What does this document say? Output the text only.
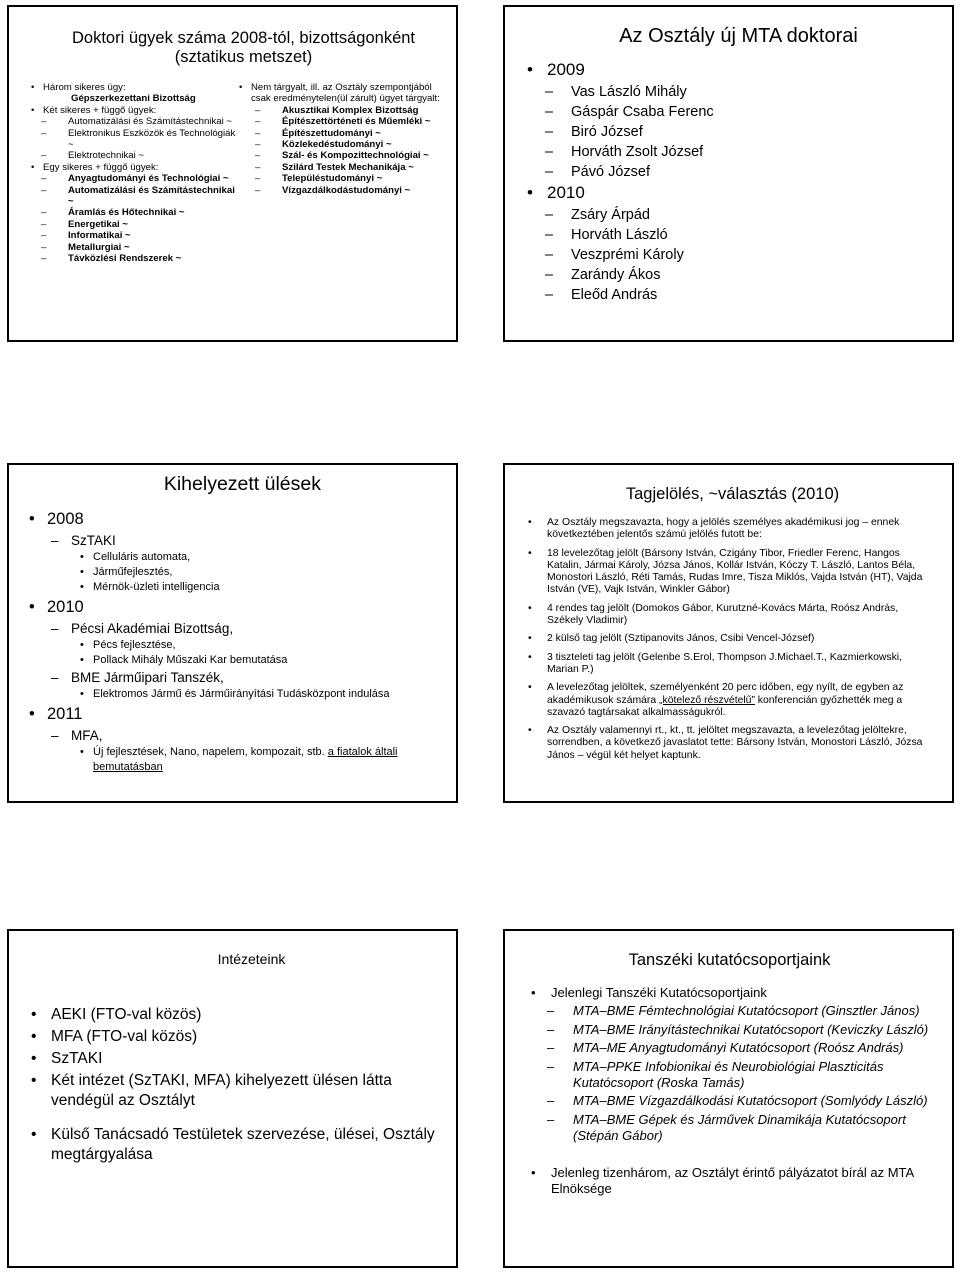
Doktori ügyek száma 2008-tól, bizottságonként
(sztatikus metszet)
• Három sikeres ügy:
Gépszerkezettani Bizottság
• Két sikeres + függő ügyek:
– Automatizálási és Számítástechnikai ~
– Elektronikus Eszközök és Technológiák ~
– Elektrotechnikai ~
• Egy sikeres + függő ügyek:
– Anyagtudományi és Technológiai ~
– Automatizálási és Számítástechnikai ~
– Áramlás és Hőtechnikai ~
– Energetikai ~
– Informatikai ~
– Metallurgiai ~
– Távközlési Rendszerek ~
• Nem tárgyalt, ill. az Osztály szempontjából csak eredménytelen(ül zárult) ügyet tárgyalt:
– Akusztikai Komplex Bizottság
– Építészettörténeti és Műemléki ~
– Építészettudományi ~
– Közlekedéstudományi ~
– Szál- és Kompozittechnológiai ~
– Szilárd Testek Mechanikája ~
– Településtudományi ~
– Vízgazdálkodástudományi ~
Az Osztály új MTA doktorai
• 2009
– Vas László Mihály
– Gáspár Csaba Ferenc
– Biró József
– Horváth Zsolt József
– Pávó József
• 2010
– Zsáry Árpád
– Horváth László
– Veszprémi Károly
– Zarándy Ákos
– Eleőd András
Kihelyezett ülések
• 2008
– SzTAKI
• Celluláris automata,
• Járműfejlesztés,
• Mérnök-üzleti intelligencia
• 2010
– Pécsi Akadémiai Bizottság,
• Pécs fejlesztése,
• Pollack Mihály Műszaki Kar bemutatása
– BME Járműipari Tanszék,
• Elektromos Jármű és Járműirányítási Tudásközpont indulása
• 2011
– MFA,
• Új fejlesztések, Nano, napelem, kompozait, stb. a fiatalok általi bemutatásban
Tagjelölés, ~választás (2010)
• Az Osztály megszavazta, hogy a jelölés személyes akadémikusi jog – ennek következtében jelentős számú jelölés futott be:
• 18 levelezőtag jelölt (Bársony István, Czigány Tibor, Friedler Ferenc, Hangos Katalin, Jármai Károly, Józsa János, Kollár István, Kóczy T. László, Lantos Béla, Monostori László, Réti Tamás, Rudas Imre, Tisza Miklós, Vajda István (HT), Vajda István (VE), Vajk István, Winkler Gábor)
• 4 rendes tag jelölt (Domokos Gábor, Kurutzné-Kovács Márta, Roósz András, Székely Vladimir)
• 2 külső tag jelölt (Sztipanovits János, Csibi Vencel-József)
• 3 tiszteleti tag jelölt (Gelenbe S.Erol, Thompson J.Michael.T., Kazmierkowski, Marian P.)
• A levelezőtag jelöltek, személyenként 20 perc időben, egy nyílt, de egyben az akadémikusok számára „kötelező részvételű” konferencián győzhették meg a szavazó tagtársakat alkalmasságukról.
• Az Osztály valamennyi rt., kt., tt. jelöltet megszavazta, a levelezőtag jelöltekre, sorrendben, a következő javaslatot tette: Bársony István, Monostori László, Józsa János – végül két helyet kaptunk.
Intézeteink
• AEKI (FTO-val közös)
• MFA (FTO-val közös)
• SzTAKI
• Két intézet (SzTAKI, MFA) kihelyezett ülésen látta vendégül az Osztályt
• Külső Tanácsadó Testületek szervezése, ülései, Osztály megtárgyalása
Tanszéki kutatócsoportjaink
• Jelenlegi Tanszéki Kutatócsoportjaink
– MTA–BME Fémtechnológiai Kutatócsoport (Ginsztler János)
– MTA–BME Irányítástechnikai Kutatócsoport (Keviczky László)
– MTA–ME Anyagtudományi Kutatócsoport (Roósz András)
– MTA–PPKE Infobionikai és Neurobiológiai Plaszticitás Kutatócsoport (Roska Tamás)
– MTA–BME Vízgazdálkodási Kutatócsoport (Somlyódy László)
– MTA–BME Gépek és Járművek Dinamikája Kutatócsoport (Stépán Gábor)
• Jelenleg tizenhárom, az Osztályt érintő pályázatot bírál az MTA Elnöksége
